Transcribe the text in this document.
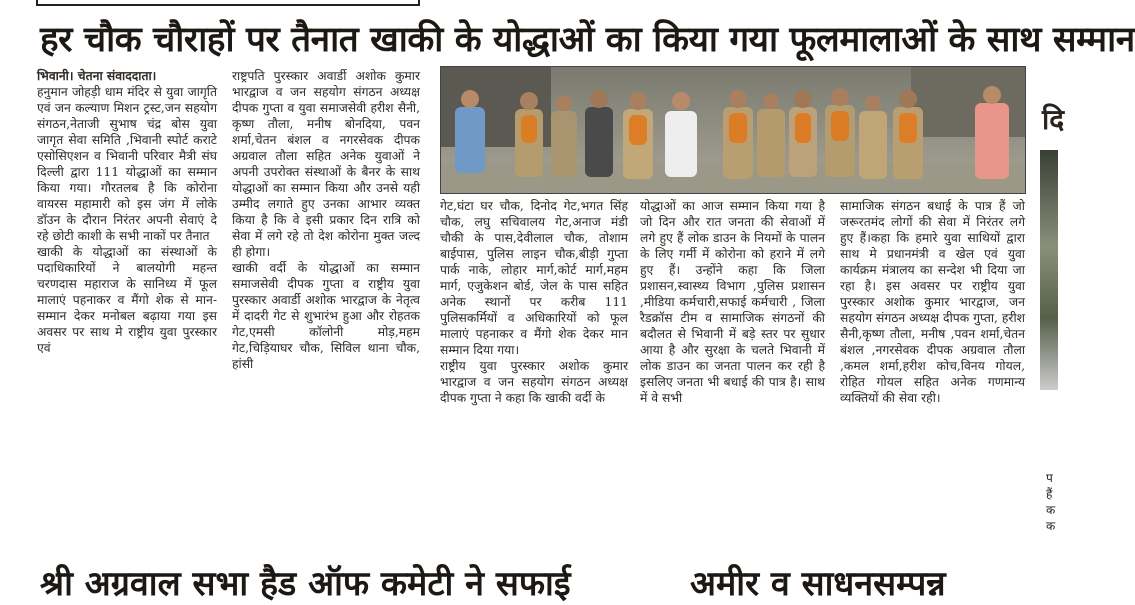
हर चौक चौराहों पर तैनात खाकी के योद्धाओं का किया गया फूलमालाओं के साथ सम्मान
भिवानी। चेतना संवाददाता।
हनुमान जोहड़ी धाम मंदिर से युवा जागृति एवं जन कल्याण मिशन ट्रस्ट,जन सहयोग संगठन,नेताजी सुभाष चंद्र बोस युवा जागृत सेवा समिति ,भिवानी स्पोर्ट कराटे एसोसिएशन व भिवानी परिवार मैत्री संघ दिल्ली द्वारा 111 योद्धाओं का सम्मान किया गया। गौरतलब है कि कोरोना वायरस महामारी को इस जंग में लोके डॉउन के दौरान निरंतर अपनी सेवाएं दे रहे छोटी काशी के सभी नाकों पर तैनात
खाकी के योद्धाओं का संस्थाओं के पदाधिकारियों ने बालयोगी महन्त चरणदास महाराज के सानिध्य में फूल मालाएं पहनाकर व मैंगो शेक से मान-सम्मान देकर मनोबल बढ़ाया गया इस अवसर पर साथ मे राष्ट्रीय युवा पुरस्कार एवं
राष्ट्रपति पुरस्कार अवार्डी अशोक कुमार भारद्वाज व जन सहयोग संगठन अध्यक्ष दीपक गुप्ता व युवा समाजसेवी हरीश सैनी, कृष्ण तौला, मनीष बोनदिया, पवन शर्मा,चेतन बंशल व नगरसेवक दीपक अग्रवाल तौला सहित अनेक युवाओं ने अपनी उपरोक्त संस्थाओं के बैनर के साथ योद्धाओं का सम्मान किया और उनसे यही उम्मीद लगाते हुए उनका आभार व्यक्त किया है कि वे इसी प्रकार दिन रात्रि को सेवा में लगे रहे तो देश कोरोना मुक्त जल्द ही होगा।
खाकी वर्दी के योद्धाओं का सम्मान समाजसेवी दीपक गुप्ता व राष्ट्रीय युवा पुरस्कार अवार्डी अशोक भारद्वाज के नेतृत्व में दादरी गेट से शुभारंभ हुआ और रोहतक गेट,एमसी कॉलोनी मोड़,महम गेट,चिड़ियाघर चौक, सिविल थाना चौक, हांसी
गेट,घंटा घर चौक, दिनोद गेट,भगत सिंह चौक, लघु सचिवालय गेट,अनाज मंडी चौकी के पास,देवीलाल चौक, तोशाम बाईपास, पुलिस लाइन चौक,बीड़ी गुप्ता पार्क नाके, लोहार मार्ग,कोर्ट मार्ग,महम मार्ग, एजुकेशन बोर्ड, जेल के पास सहित अनेक स्थानों पर करीब 111 पुलिसकर्मियों व अधिकारियों को फूल मालाएं पहनाकर व मैंगो शेक देकर मान सम्मान दिया गया।
राष्ट्रीय युवा पुरस्कार अशोक कुमार भारद्वाज व जन सहयोग संगठन अध्यक्ष दीपक गुप्ता ने कहा कि खाकी वर्दी के
योद्धाओं का आज सम्मान किया गया है जो दिन और रात जनता की सेवाओं में लगे हुए हैं लोक डाउन के नियमों के पालन के लिए गर्मी में कोरोना को हराने में लगे हुए हैं। उन्होंने कहा कि जिला प्रशासन,स्वास्थ्य विभाग ,पुलिस प्रशासन ,मीडिया कर्मचारी,सफाई कर्मचारी , जिला रैडक्रॉस टीम व सामाजिक संगठनों की बदौलत से भिवानी में बड़े स्तर पर सुधार आया है और सुरक्षा के चलते भिवानी में लोक डाउन का जनता पालन कर रही है इसलिए जनता भी बधाई की पात्र है। साथ में वे सभी
सामाजिक संगठन बधाई के पात्र हैं जो जरूरतमंद लोगों की सेवा में निरंतर लगे हुए हैं।कहा कि हमारे युवा साथियों द्वारा साथ मे प्रधानमंत्री व खेल एवं युवा कार्यक्रम मंत्रालय का सन्देश भी दिया जा रहा है। इस अवसर पर राष्ट्रीय युवा पुरस्कार अशोक कुमार भारद्वाज, जन सहयोग संगठन अध्यक्ष दीपक गुप्ता, हरीश सैनी,कृष्ण तौला, मनीष ,पवन शर्मा,चेतन बंशल ,नगरसेवक दीपक अग्रवाल तौला ,कमल शर्मा,हरीश कोच,विनय गोयल, रोहित गोयल सहित अनेक गणमान्य व्यक्तियों की सेवा रही।
दि
प
हैं
क
क
श्री अग्रवाल सभा हैड ऑफ कमेटी ने सफाई	अमीर व साधनसम्पन्न
